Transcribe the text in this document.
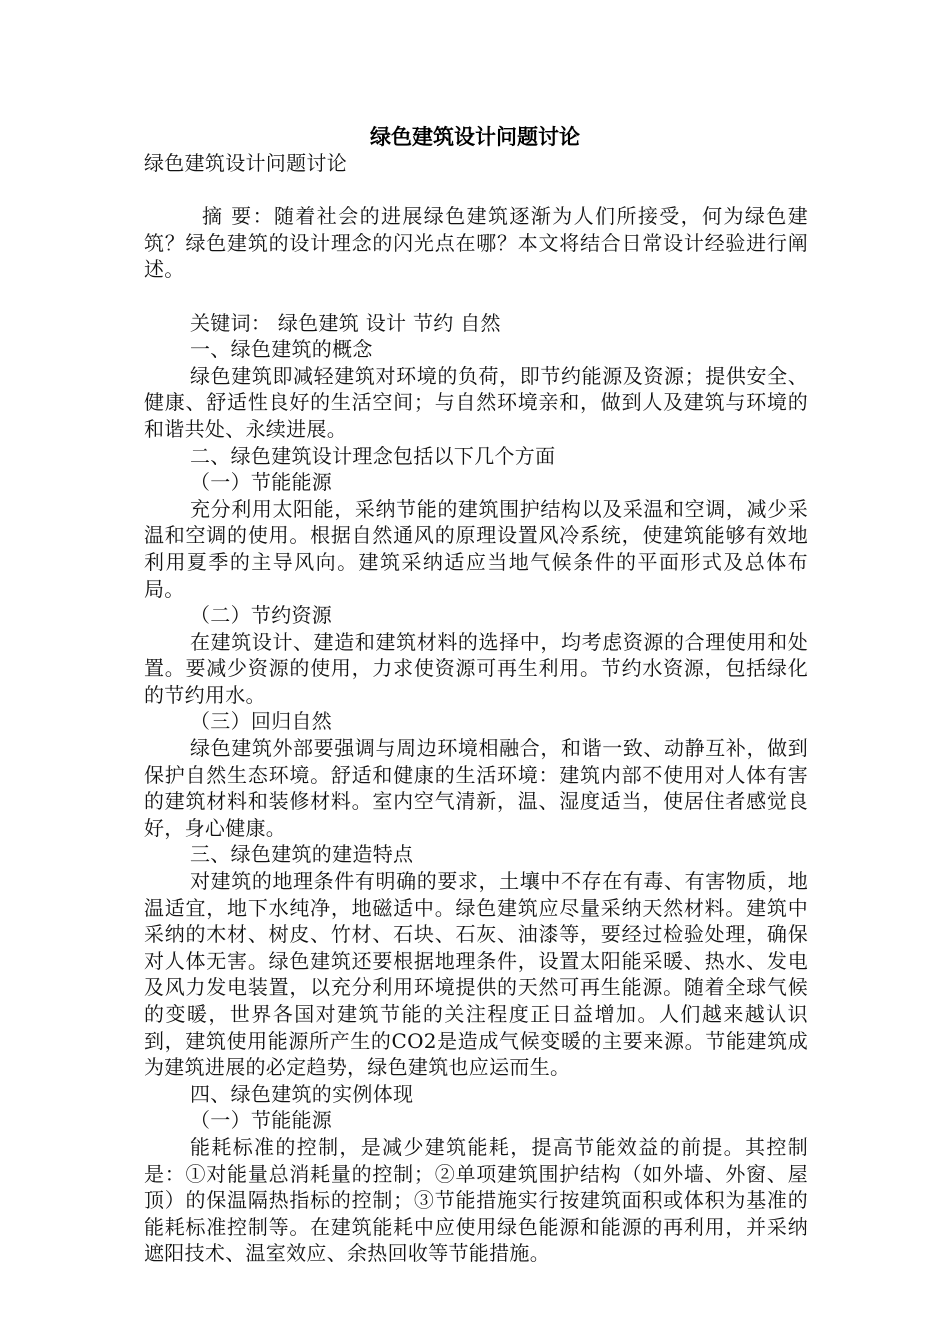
绿色建筑设计问题讨论

绿色建筑设计问题讨论

摘 要：随着社会的进展绿色建筑逐渐为人们所接受，何为绿色建筑？绿色建筑的设计理念的闪光点在哪？本文将结合日常设计经验进行阐述。

关键词： 绿色建筑 设计 节约 自然

一、绿色建筑的概念

绿色建筑即减轻建筑对环境的负荷，即节约能源及资源；提供安全、健康、舒适性良好的生活空间；与自然环境亲和，做到人及建筑与环境的和谐共处、永续进展。

二、绿色建筑设计理念包括以下几个方面

（一）节能能源

充分利用太阳能，采纳节能的建筑围护结构以及采温和空调，减少采温和空调的使用。根据自然通风的原理设置风冷系统，使建筑能够有效地利用夏季的主导风向。建筑采纳适应当地气候条件的平面形式及总体布局。

（二）节约资源

在建筑设计、建造和建筑材料的选择中，均考虑资源的合理使用和处置。要减少资源的使用，力求使资源可再生利用。节约水资源，包括绿化的节约用水。

（三）回归自然

绿色建筑外部要强调与周边环境相融合，和谐一致、动静互补，做到保护自然生态环境。舒适和健康的生活环境：建筑内部不使用对人体有害的建筑材料和装修材料。室内空气清新，温、湿度适当，使居住者感觉良好，身心健康。

三、绿色建筑的建造特点

对建筑的地理条件有明确的要求，土壤中不存在有毒、有害物质，地温适宜，地下水纯净，地磁适中。绿色建筑应尽量采纳天然材料。建筑中采纳的木材、树皮、竹材、石块、石灰、油漆等，要经过检验处理，确保对人体无害。绿色建筑还要根据地理条件，设置太阳能采暖、热水、发电及风力发电装置，以充分利用环境提供的天然可再生能源。随着全球气候的变暖，世界各国对建筑节能的关注程度正日益增加。人们越来越认识到，建筑使用能源所产生的CO2是造成气候变暖的主要来源。节能建筑成为建筑进展的必定趋势，绿色建筑也应运而生。

四、绿色建筑的实例体现

（一）节能能源

能耗标准的控制，是减少建筑能耗，提高节能效益的前提。其控制是：①对能量总消耗量的控制；②单项建筑围护结构（如外墙、外窗、屋顶）的保温隔热指标的控制；③节能措施实行按建筑面积或体积为基准的能耗标准控制等。在建筑能耗中应使用绿色能源和能源的再利用，并采纳遮阳技术、温室效应、余热回收等节能措施。
